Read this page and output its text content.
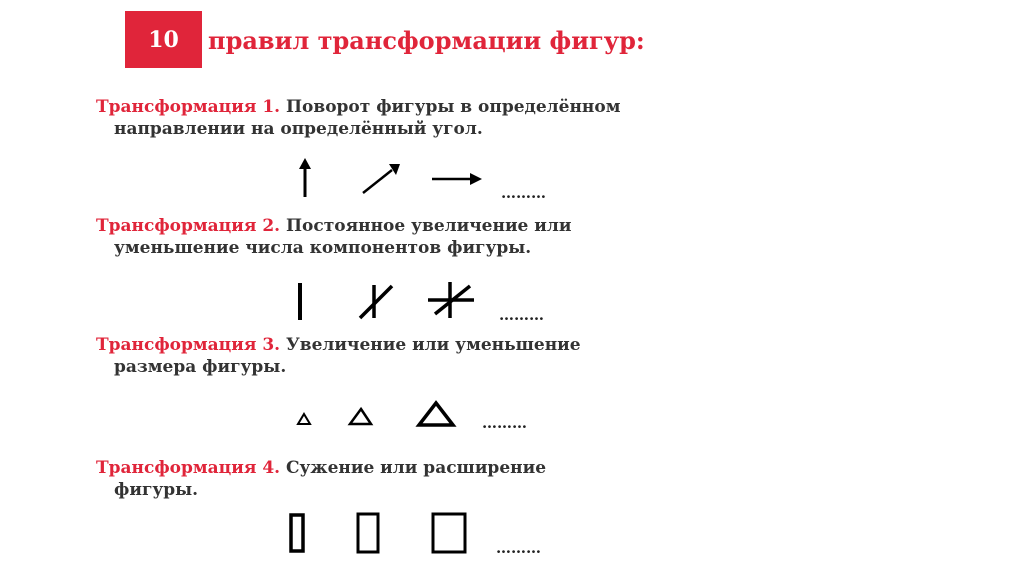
10 правил трансформации фигур:
Трансформация 1. Поворот фигуры в определённом
направлении на определённый угол.
Трансформация 2. Постоянное увеличение или
уменьшение числа компонентов фигуры.
Трансформация 3. Увеличение или уменьшение
размера фигуры.
Трансформация 4. Сужение или расширение
фигуры.
………
………
………
………
